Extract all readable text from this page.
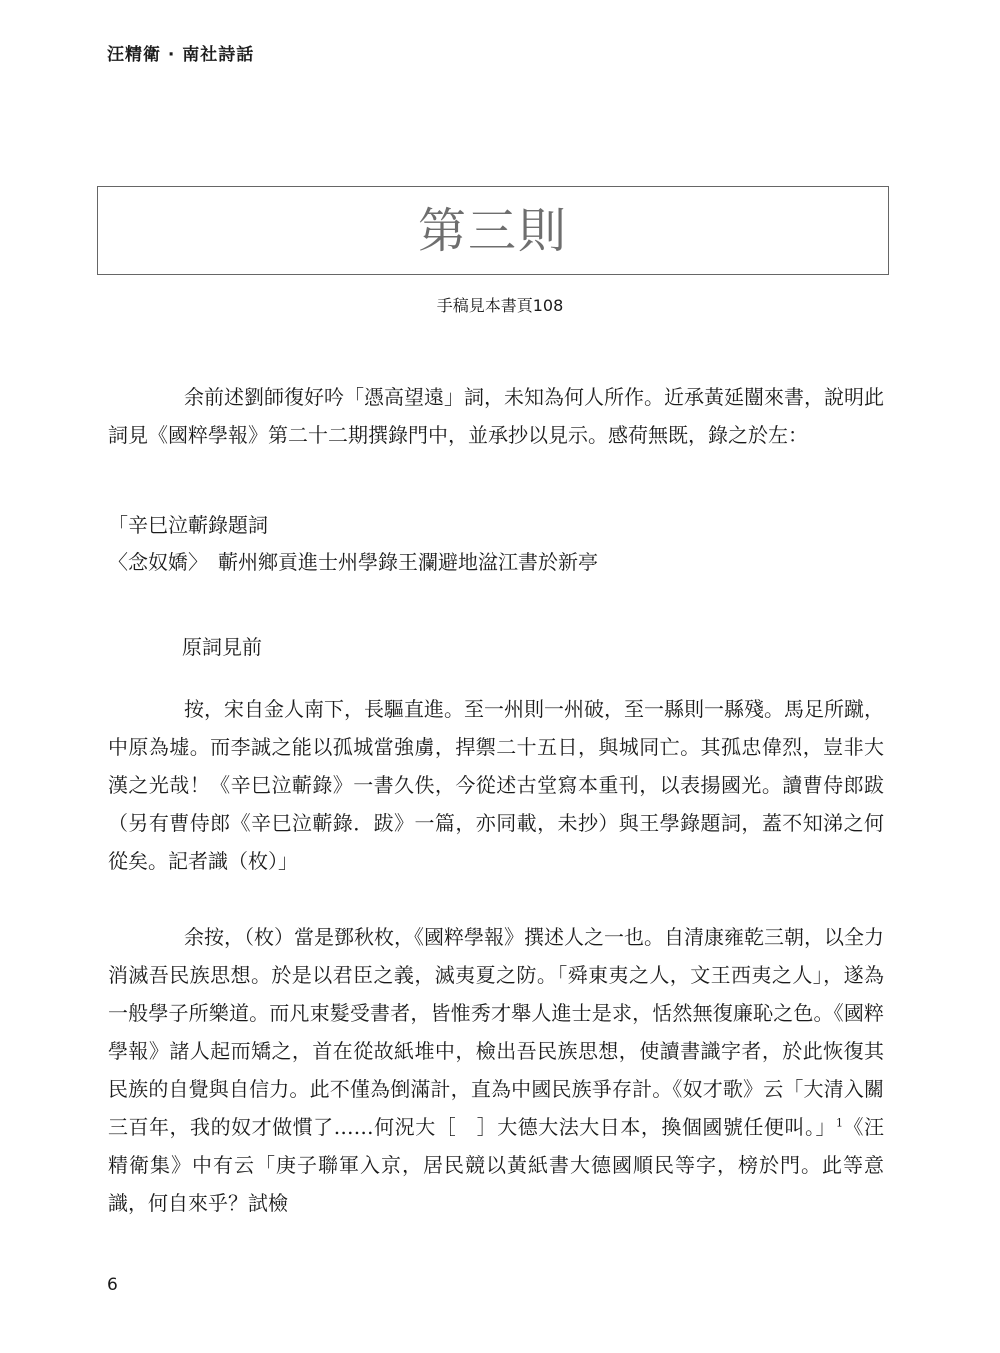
汪精衛 · 南社詩話
第三則
手稿見本書頁108
余前述劉師復好吟「憑高望遠」詞，未知為何人所作。近承黃延闓來書，說明此詞見《國粹學報》第二十二期撰錄門中，並承抄以見示。感荷無既，錄之於左：
「辛巳泣蘄錄題詞
〈念奴嬌〉　蘄州鄉貢進士州學錄王瀾避地湓江書於新亭
原詞見前
按，宋自金人南下，長驅直進。至一州則一州破，至一縣則一縣殘。馬足所蹴，中原為墟。而李誠之能以孤城當強虜，捍禦二十五日，與城同亡。其孤忠偉烈，豈非大漢之光哉！《辛巳泣蘄錄》一書久佚，今從述古堂寫本重刊，以表揚國光。讀曹侍郎跋（另有曹侍郎《辛巳泣蘄錄．跋》一篇，亦同載，未抄）與王學錄題詞，蓋不知涕之何從矣。記者識（枚）」
余按，（枚）當是鄧秋枚，《國粹學報》撰述人之一也。自清康雍乾三朝，以全力消滅吾民族思想。於是以君臣之義，滅夷夏之防。「舜東夷之人，文王西夷之人」，遂為一般學子所樂道。而凡束髮受書者，皆惟秀才舉人進士是求，恬然無復廉恥之色。《國粹學報》諸人起而矯之，首在從故紙堆中，檢出吾民族思想，使讀書識字者，於此恢復其民族的自覺與自信力。此不僅為倒滿計，直為中國民族爭存計。《奴才歌》云「大清入關三百年，我的奴才做慣了……何況大［　］大德大法大日本，換個國號任便叫。」$^1$《汪精衛集》中有云「庚子聯軍入京，居民競以黃紙書大德國順民等字，榜於門。此等意識，何自來乎？試檢
6
